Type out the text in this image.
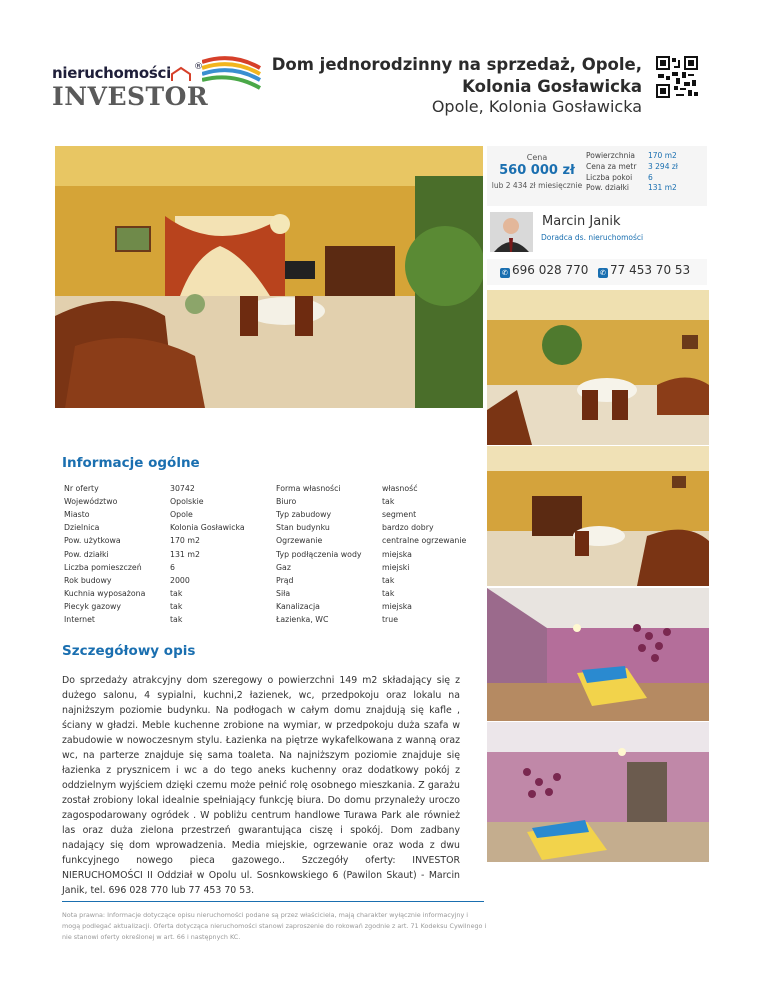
nieruchomości	®
INVESTOR
Dom jednorodzinny na sprzedaż, Opole, Kolonia Gosławicka
Opole, Kolonia Gosławicka
Cena
560 000 zł
lub 2 434 zł miesięcznie
Powierzchnia	170 m2
Cena za metr	3 294 zł
Liczba pokoi	6
Pow. działki	131 m2
Marcin Janik
Doradca ds. nieruchomości
✆ 696 028 770 ✆ 77 453 70 53
Informacje ogólne
Nr oferty	30742	Forma własności	własność
Województwo	Opolskie	Biuro	tak
Miasto	Opole	Typ zabudowy	segment
Dzielnica	Kolonia Gosławicka	Stan budynku	bardzo dobry
Pow. użytkowa	170 m2	Ogrzewanie	centralne ogrzewanie
Pow. działki	131 m2	Typ podłączenia wody	miejska
Liczba pomieszczeń	6	Gaz	miejski
Rok budowy	2000	Prąd	tak
Kuchnia wyposażona	tak	Siła	tak
Piecyk gazowy	tak	Kanalizacja	miejska
Internet	tak	Łazienka, WC	true
Szczegółowy opis
Do sprzedaży atrakcyjny dom szeregowy o powierzchni 149 m2 składający się z dużego salonu, 4 sypialni, kuchni,2 łazienek, wc, przedpokoju oraz lokalu na najniższym poziomie budynku. Na podłogach w całym domu znajdują się kafle , ściany w gładzi. Meble kuchenne zrobione na wymiar, w przedpokoju duża szafa w zabudowie w nowoczesnym stylu. Łazienka na piętrze wykafelkowana z wanną oraz wc, na parterze znajduje się sama toaleta. Na najniższym poziomie znajduje się łazienka z prysznicem i wc a do tego aneks kuchenny oraz dodatkowy pokój z oddzielnym wyjściem dzięki czemu może pełnić rolę osobnego mieszkania. Z garażu został zrobiony lokal idealnie spełniający funkcję biura. Do domu przynależy uroczo zagospodarowany ogródek . W pobliżu centrum handlowe Turawa Park ale również las oraz duża zielona przestrzeń gwarantująca ciszę i spokój. Dom zadbany nadający się dom wprowadzenia. Media miejskie, ogrzewanie oraz woda z dwu funkcyjnego nowego pieca gazowego.. Szczegóły oferty: INVESTOR NIERUCHOMOŚCI II Oddział w Opolu ul. Sosnkowskiego 6 (Pawilon Skaut) - Marcin Janik, tel. 696 028 770 lub 77 453 70 53.
Nota prawna: Informacje dotyczące opisu nieruchomości podane są przez właściciela, mają charakter wyłącznie informacyjny i mogą podlegać aktualizacji. Oferta dotycząca nieruchomości stanowi zaproszenie do rokowań zgodnie z art. 71 Kodeksu Cywilnego i nie stanowi oferty określonej w art. 66 i następnych KC.
